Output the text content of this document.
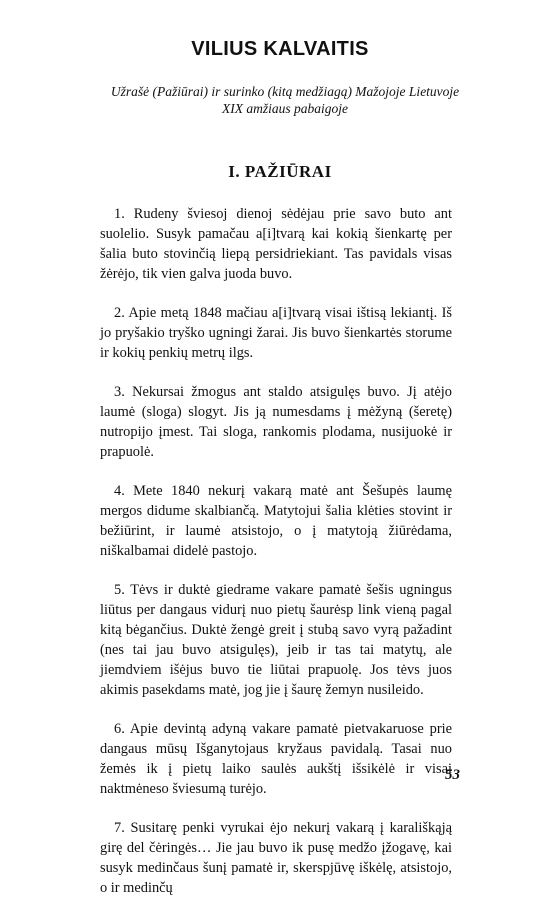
VILIUS KALVAITIS
Užrašė (Pažiūrai) ir surinko (kitą medžiagą) Mažojoje Lietuvoje
XIX amžiaus pabaigoje
I. PAŽIŪRAI

1. Rudeny šviesoj dienoj sėdėjau prie savo buto ant suolelio. Susyk pamačau a[i]tvarą kai kokią šienkartę per šalia buto stovinčią liepą persidriekiant. Tas pavidals visas žėrėjo, tik vien galva juoda buvo.

2. Apie metą 1848 mačiau a[i]tvarą visai ištisą lekiantį. Iš jo pryšakio tryško ugningi žarai. Jis buvo šienkartės storume ir kokių penkių metrų ilgs.

3. Nekursai žmogus ant staldo atsigulęs buvo. Jį atėjo laumė (sloga) slogyt. Jis ją numesdams į mėžyną (šeretę) nutropijo įmest. Tai sloga, rankomis plodama, nusijuokė ir prapuolė.

4. Mete 1840 nekurį vakarą matė ant Šešupės laumę mergos didume skalbiančą. Matytojui šalia klėties stovint ir bežiūrint, ir laumė atsistojo, o į matytoją žiūrėdama, niškalbamai didelė pastojo.

5. Tėvs ir duktė giedrame vakare pamatė šešis ugningus liūtus per dangaus vidurį nuo pietų šaurėsp link vieną pagal kitą bėgančius. Duktė žengė greit į stubą savo vyrą pažadint (nes tai jau buvo atsigulęs), jeib ir tas tai matytų, ale jiemdviem išėjus buvo tie liūtai prapuolę. Jos tėvs juos akimis pasekdams matė, jog jie į šaurę žemyn nusileido.

6. Apie devintą adyną vakare pamatė pietvakaruose prie dangaus mūsų Išganytojaus kryžaus pavidalą. Tasai nuo žemės ik į pietų laiko saulės aukštį išsikėlė ir visai naktmėneso šviesumą turėjo.

7. Susitarę penki vyrukai ėjo nekurį vakarą į karališkąją girę del čėringės… Jie jau buvo ik pusę medžo įžogavę, kai susyk medinčaus šunį pamatė ir, skerspjūvę iškėlę, atsistojo, o ir medinčų

53
